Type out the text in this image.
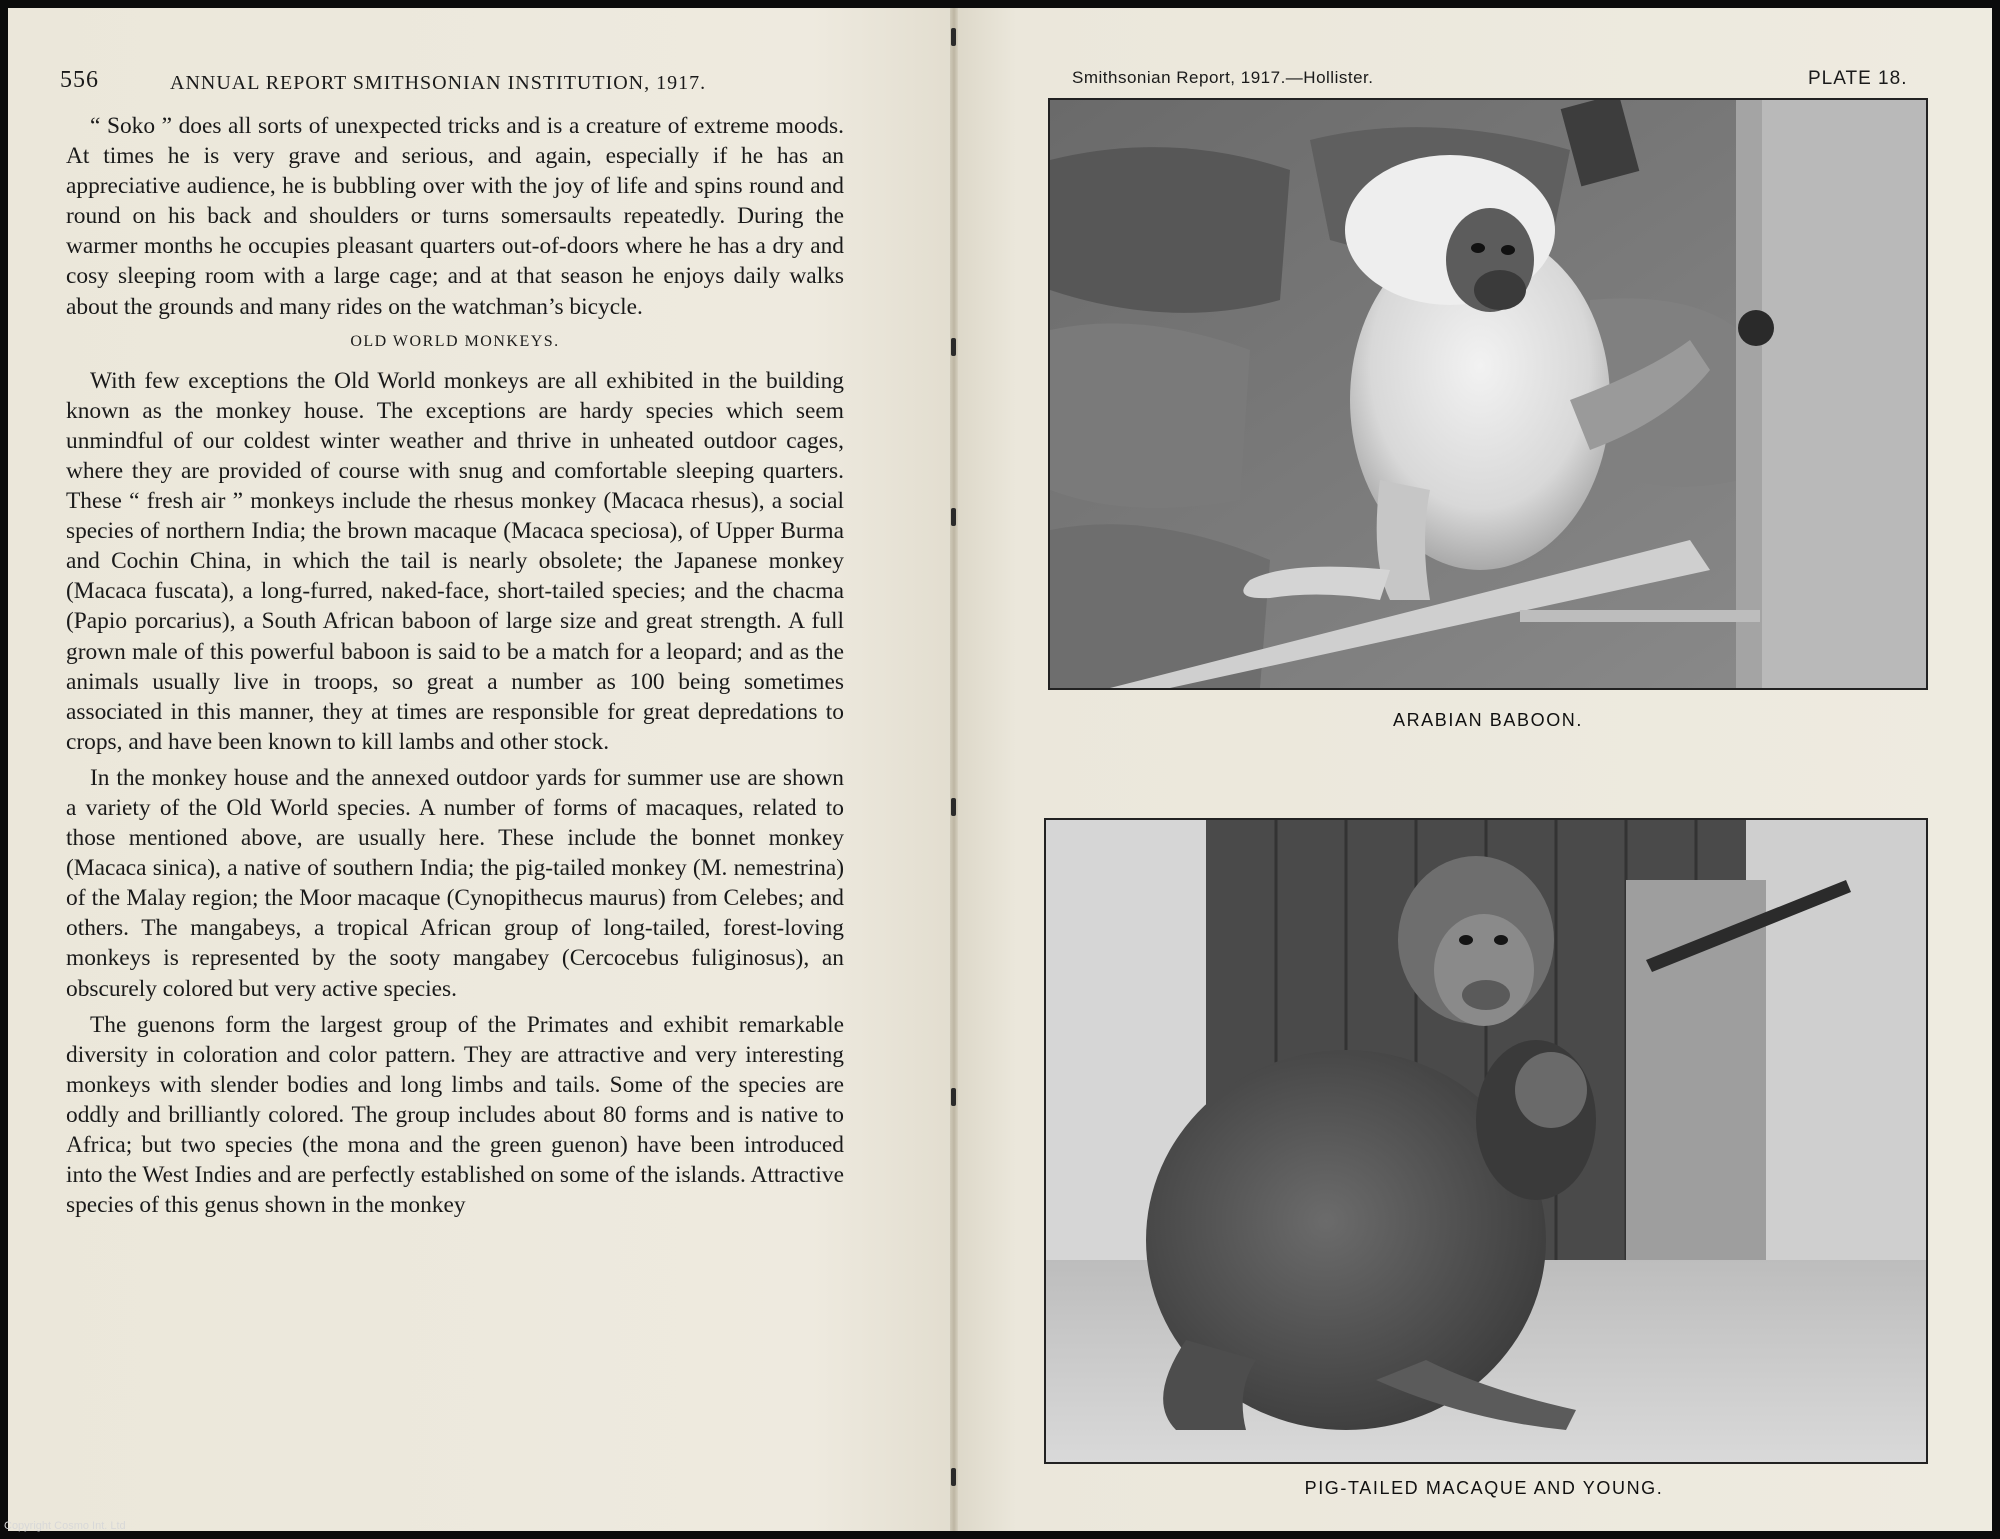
556	ANNUAL REPORT SMITHSONIAN INSTITUTION, 1917.

“ Soko ” does all sorts of unexpected tricks and is a creature of extreme moods. At times he is very grave and serious, and again, especially if he has an appreciative audience, he is bubbling over with the joy of life and spins round and round on his back and shoulders or turns somersaults repeatedly. During the warmer months he occupies pleasant quarters out-of-doors where he has a dry and cosy sleeping room with a large cage; and at that season he enjoys daily walks about the grounds and many rides on the watchman’s bicycle.

OLD WORLD MONKEYS.

With few exceptions the Old World monkeys are all exhibited in the building known as the monkey house. The exceptions are hardy species which seem unmindful of our coldest winter weather and thrive in unheated outdoor cages, where they are provided of course with snug and comfortable sleeping quarters. These “ fresh air ” monkeys include the rhesus monkey (Macaca rhesus), a social species of northern India; the brown macaque (Macaca speciosa), of Upper Burma and Cochin China, in which the tail is nearly obsolete; the Japanese monkey (Macaca fuscata), a long-furred, naked-face, short-tailed species; and the chacma (Papio porcarius), a South African baboon of large size and great strength. A full grown male of this powerful baboon is said to be a match for a leopard; and as the animals usually live in troops, so great a number as 100 being sometimes associated in this manner, they at times are responsible for great depredations to crops, and have been known to kill lambs and other stock.

In the monkey house and the annexed outdoor yards for summer use are shown a variety of the Old World species. A number of forms of macaques, related to those mentioned above, are usually here. These include the bonnet monkey (Macaca sinica), a native of southern India; the pig-tailed monkey (M. nemestrina) of the Malay region; the Moor macaque (Cynopithecus maurus) from Celebes; and others. The mangabeys, a tropical African group of long-tailed, forest-loving monkeys is represented by the sooty mangabey (Cercocebus fuliginosus), an obscurely colored but very active species.

The guenons form the largest group of the Primates and exhibit remarkable diversity in coloration and color pattern. They are attractive and very interesting monkeys with slender bodies and long limbs and tails. Some of the species are oddly and brilliantly colored. The group includes about 80 forms and is native to Africa; but two species (the mona and the green guenon) have been introduced into the West Indies and are perfectly established on some of the islands. Attractive species of this genus shown in the monkey

Smithsonian Report, 1917.—Hollister.	PLATE 18.
ARABIAN BABOON.
PIG-TAILED MACAQUE AND YOUNG.
Copyright Cosmo Int. Ltd
